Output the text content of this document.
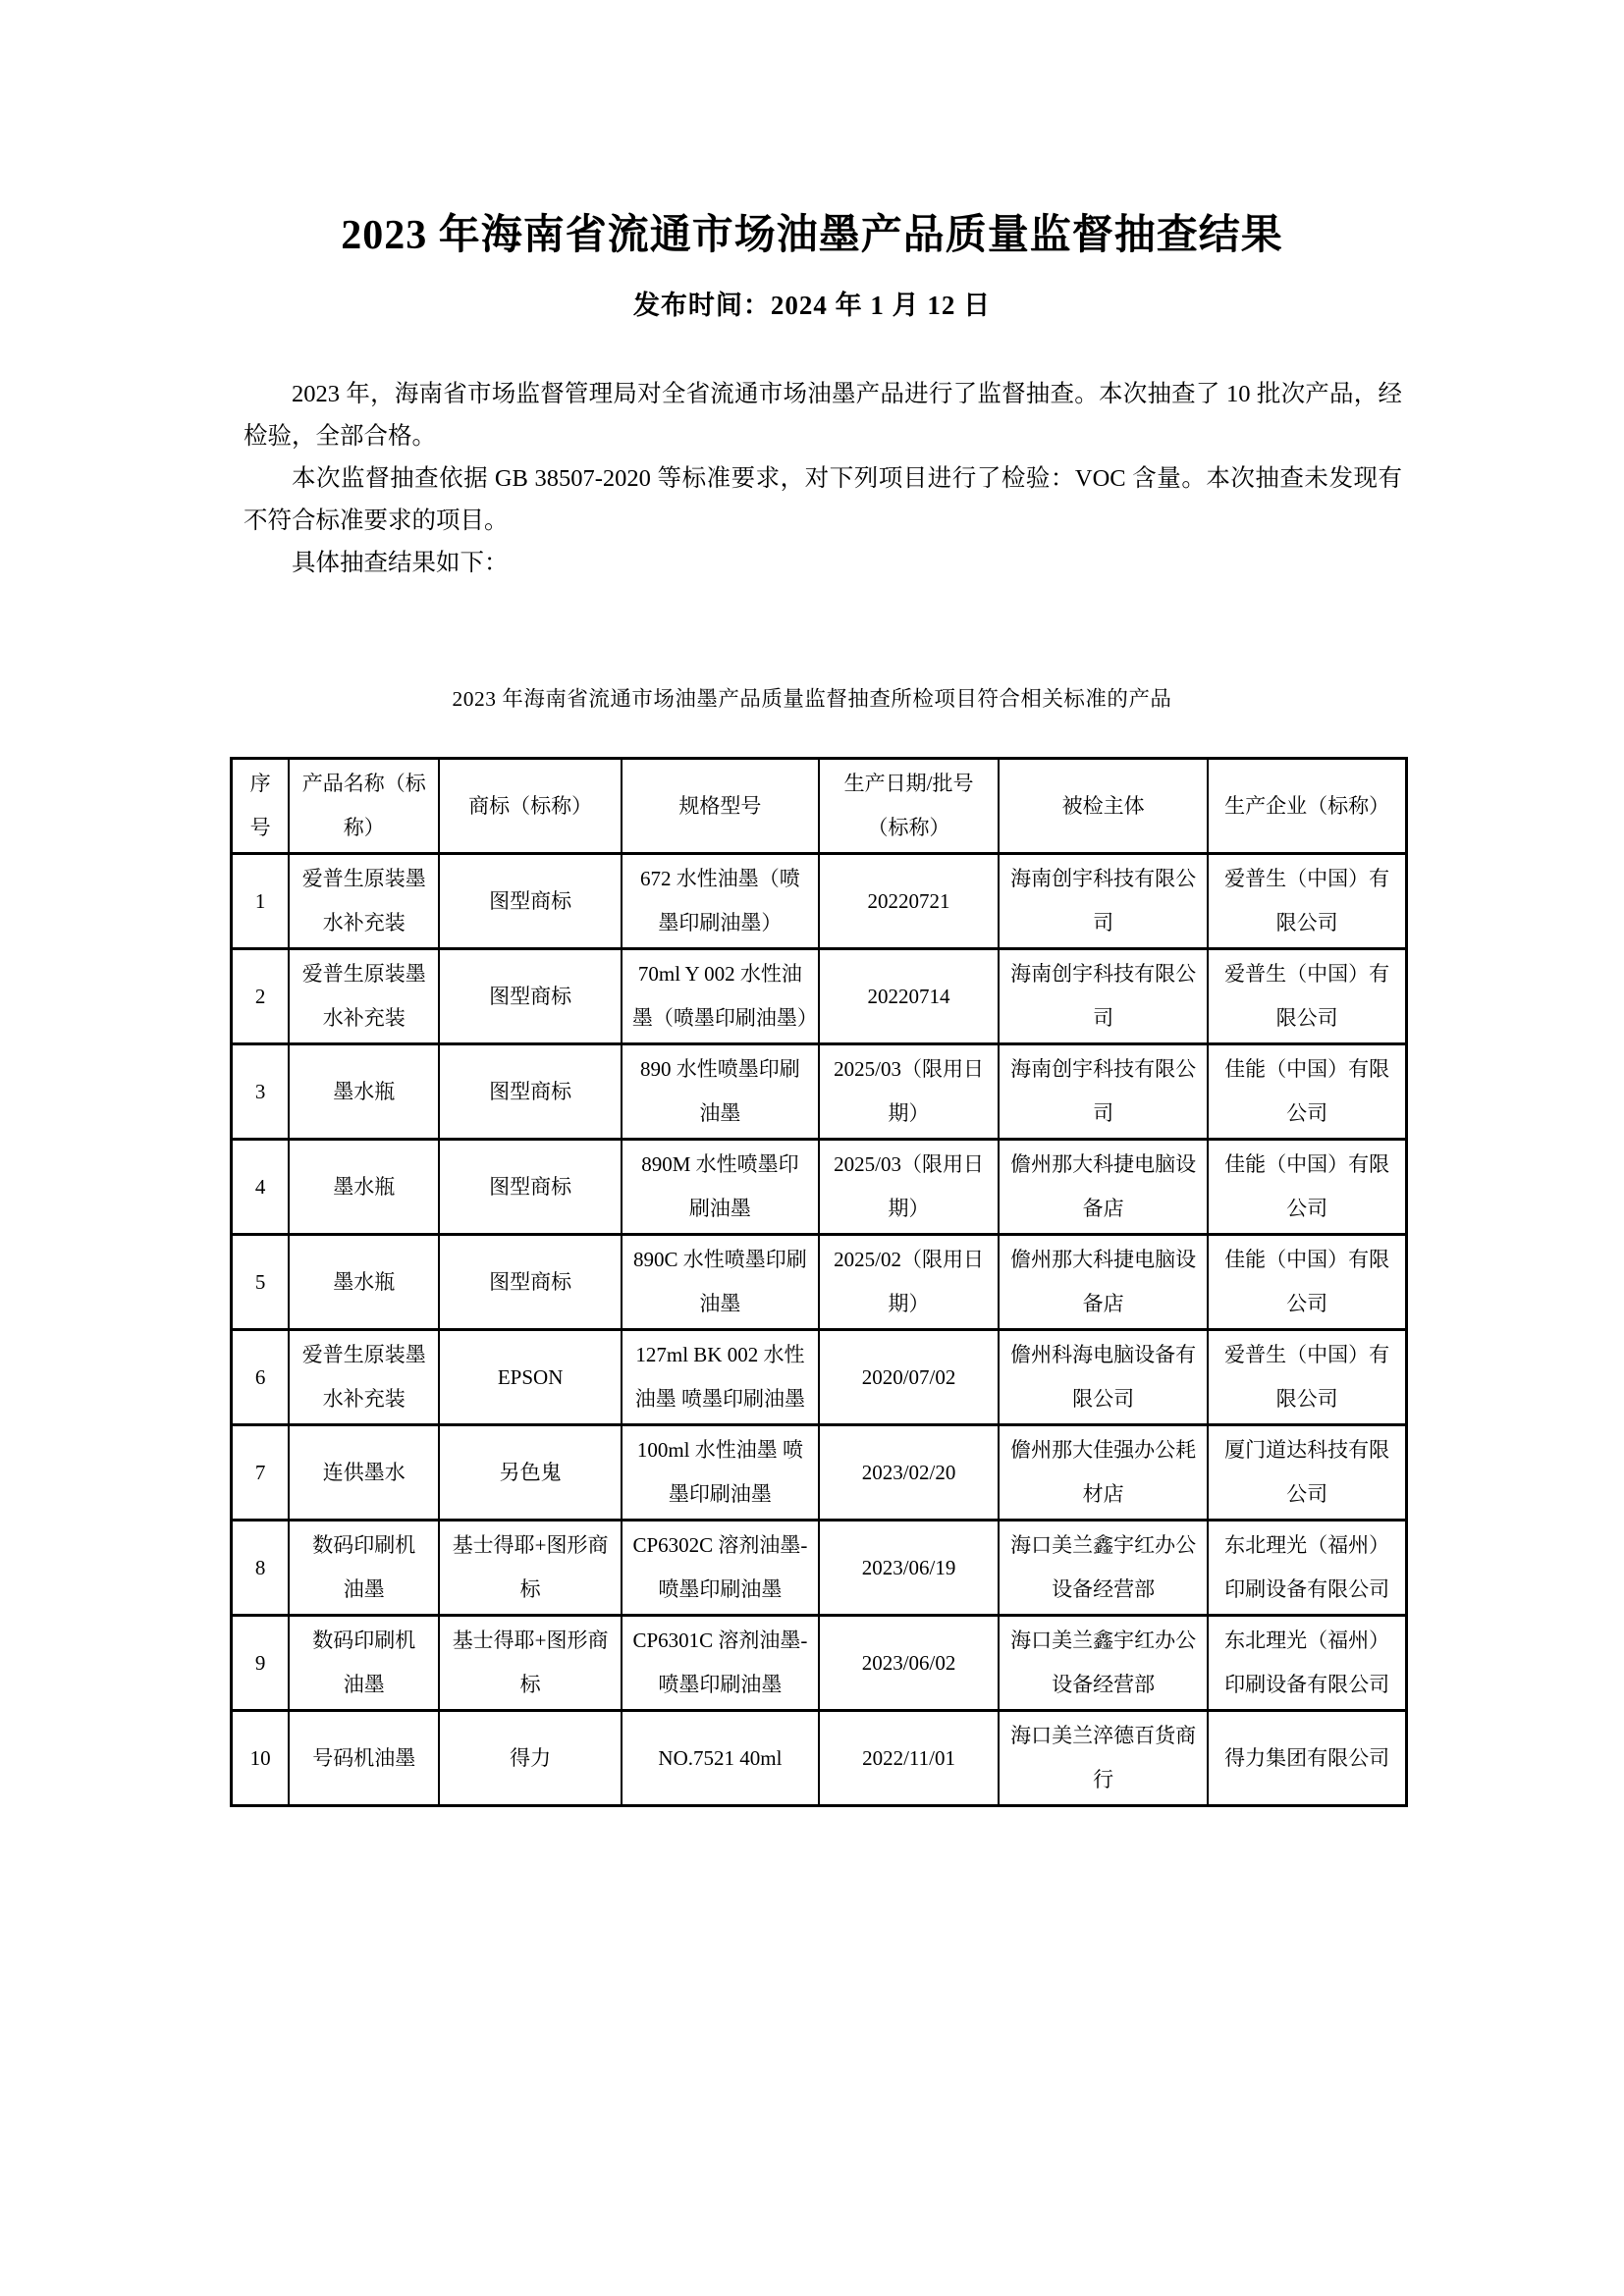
2023 年海南省流通市场油墨产品质量监督抽查结果
发布时间：2024 年 1 月 12 日

2023 年，海南省市场监督管理局对全省流通市场油墨产品进行了监督抽查。本次抽查了 10 批次产品，经检验，全部合格。

本次监督抽查依据 GB 38507-2020 等标准要求，对下列项目进行了检验：VOC 含量。本次抽查未发现有不符合标准要求的项目。

具体抽查结果如下：

2023 年海南省流通市场油墨产品质量监督抽查所检项目符合相关标准的产品
序号	产品名称（标称）	商标（标称）	规格型号	生产日期/批号（标称）	被检主体	生产企业（标称）
1	爱普生原装墨水补充装	图型商标	672 水性油墨（喷墨印刷油墨）	20220721	海南创宇科技有限公司	爱普生（中国）有限公司
2	爱普生原装墨水补充装	图型商标	70ml Y 002 水性油墨（喷墨印刷油墨）	20220714	海南创宇科技有限公司	爱普生（中国）有限公司
3	墨水瓶	图型商标	890 水性喷墨印刷油墨	2025/03（限用日期）	海南创宇科技有限公司	佳能（中国）有限公司
4	墨水瓶	图型商标	890M 水性喷墨印刷油墨	2025/03（限用日期）	儋州那大科捷电脑设备店	佳能（中国）有限公司
5	墨水瓶	图型商标	890C 水性喷墨印刷油墨	2025/02（限用日期）	儋州那大科捷电脑设备店	佳能（中国）有限公司
6	爱普生原装墨水补充装	EPSON	127ml BK 002 水性油墨 喷墨印刷油墨	2020/07/02	儋州科海电脑设备有限公司	爱普生（中国）有限公司
7	连供墨水	另色鬼	100ml 水性油墨 喷墨印刷油墨	2023/02/20	儋州那大佳强办公耗材店	厦门道达科技有限公司
8	数码印刷机 油墨	基士得耶+图形商标	CP6302C 溶剂油墨-喷墨印刷油墨	2023/06/19	海口美兰鑫宇红办公设备经营部	东北理光（福州）印刷设备有限公司
9	数码印刷机 油墨	基士得耶+图形商标	CP6301C 溶剂油墨-喷墨印刷油墨	2023/06/02	海口美兰鑫宇红办公设备经营部	东北理光（福州）印刷设备有限公司
10	号码机油墨	得力	NO.7521 40ml	2022/11/01	海口美兰淬德百货商行	得力集团有限公司
